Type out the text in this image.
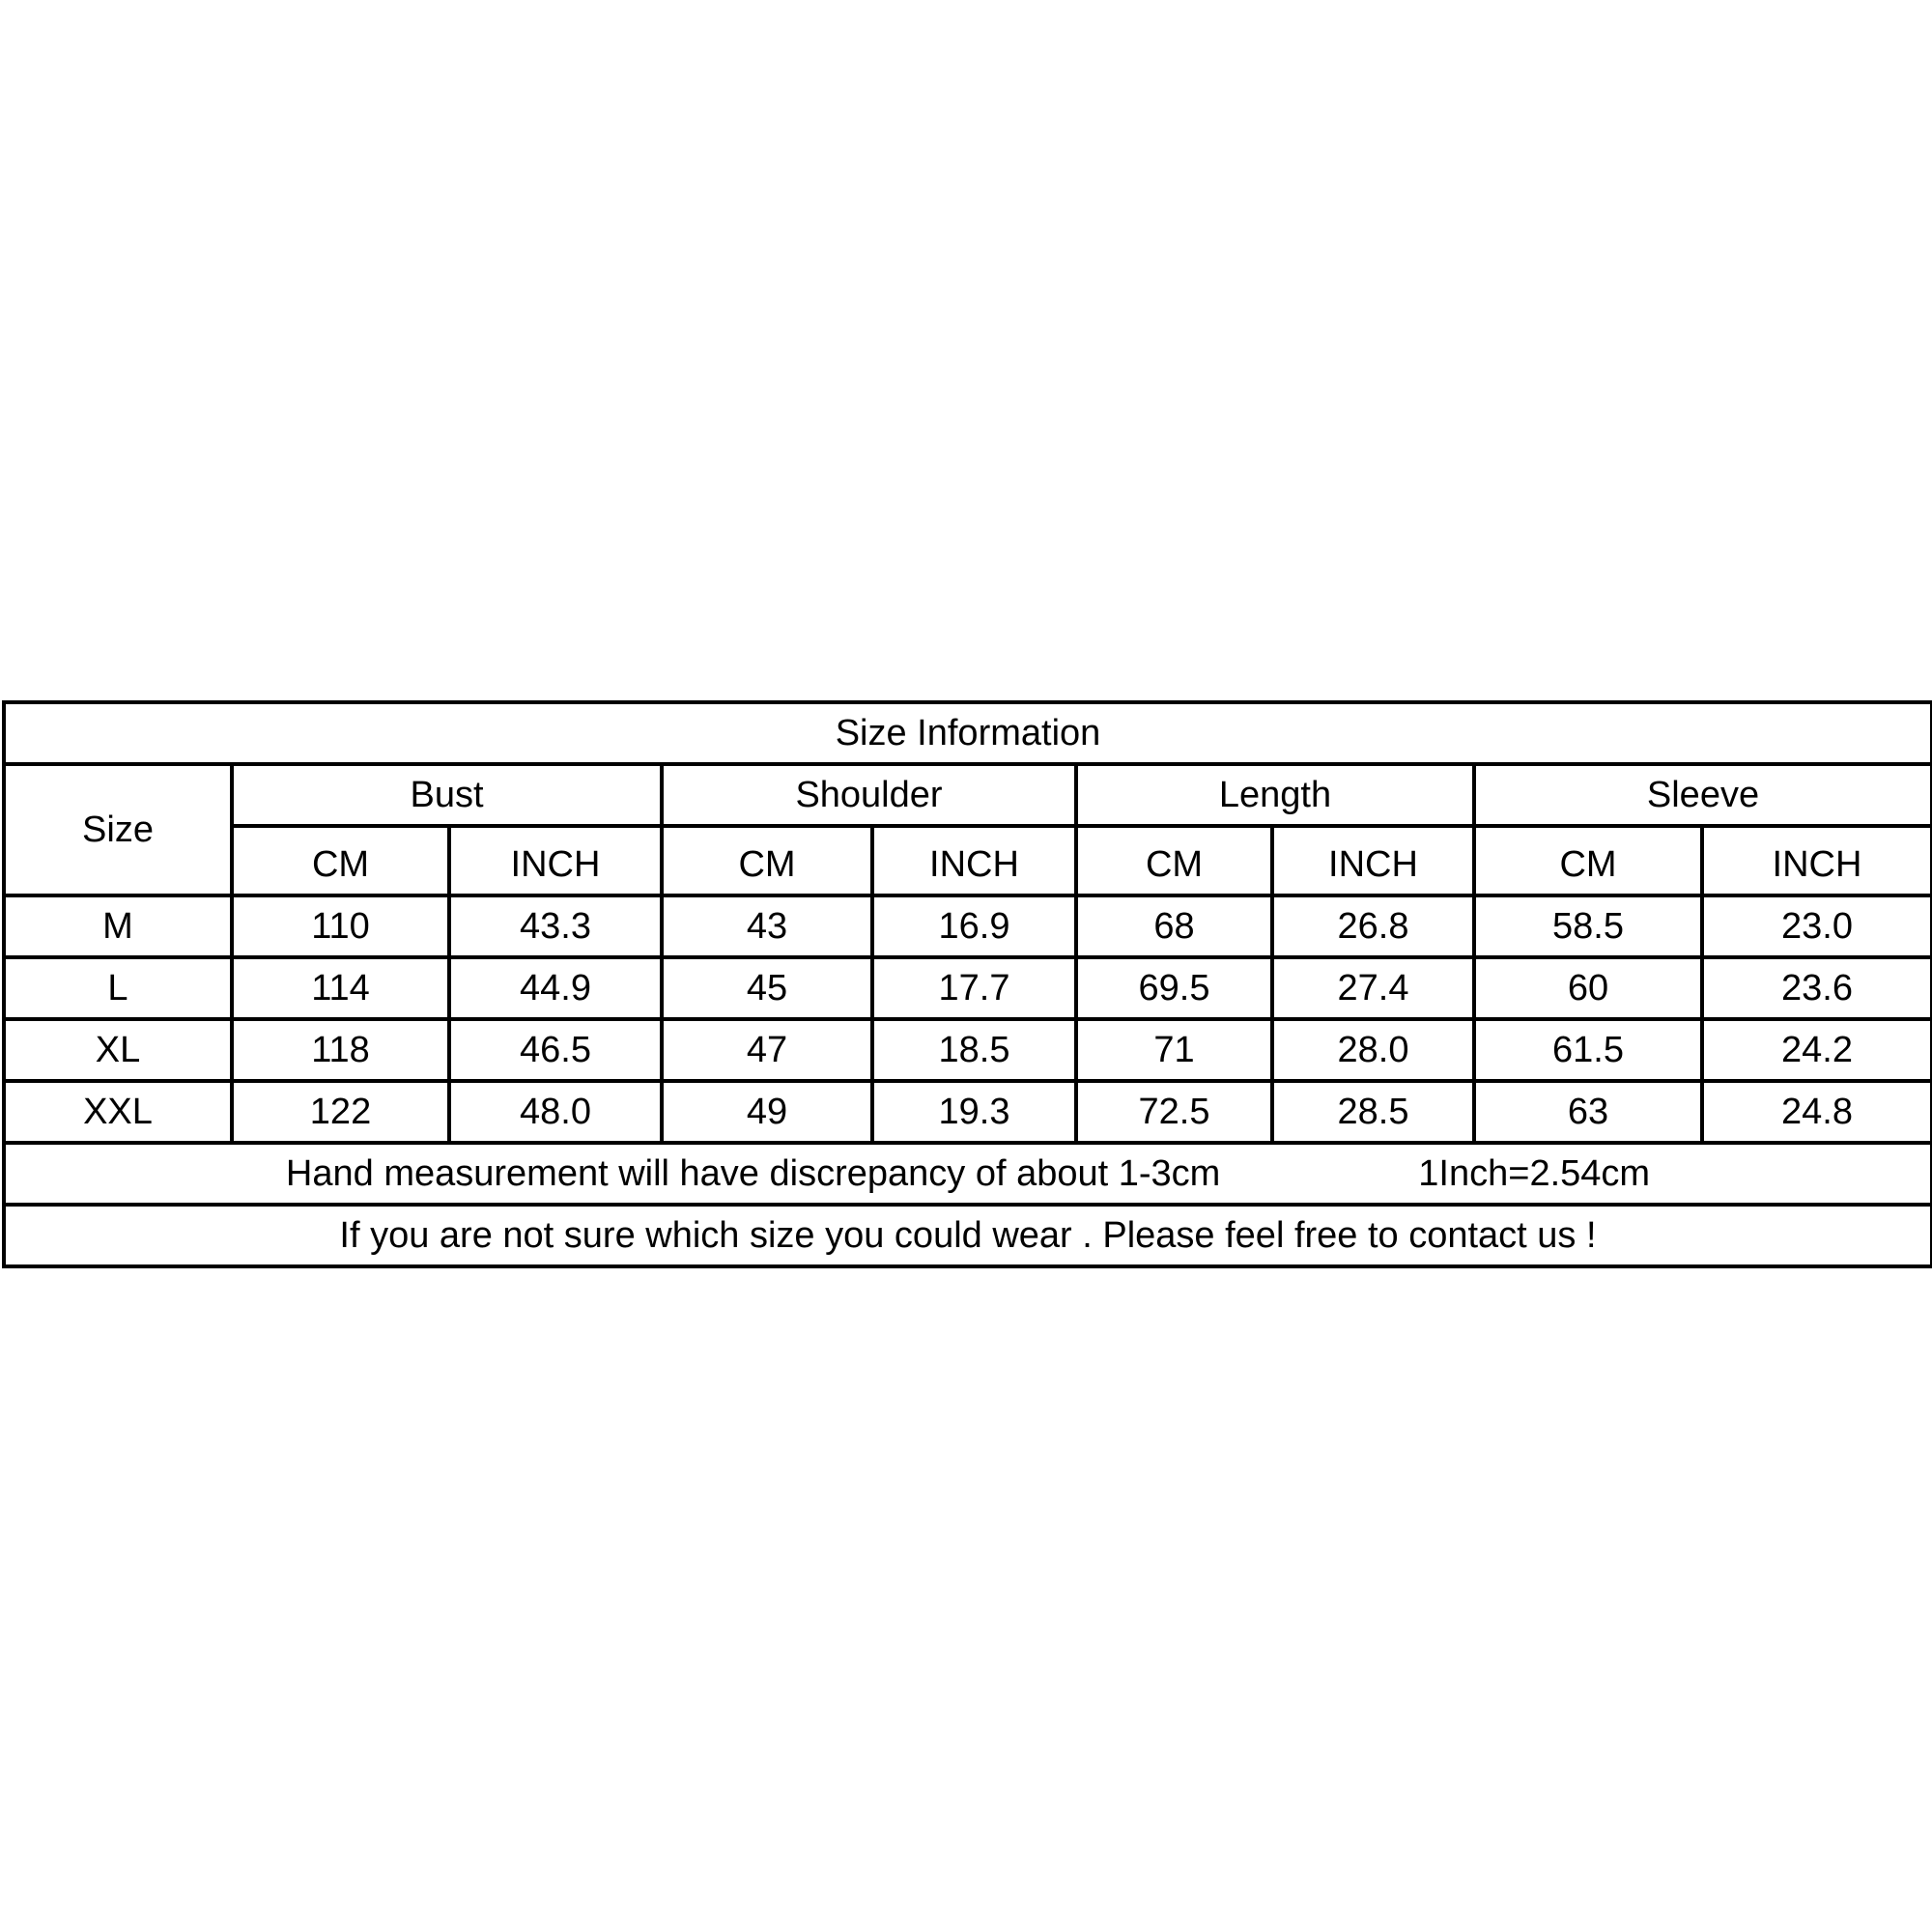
Size Information								
Size	Bust		Shoulder		Length		Sleeve	
	CM	INCH	CM	INCH	CM	INCH	CM	INCH
M	110	43.3	43	16.9	68	26.8	58.5	23.0
L	114	44.9	45	17.7	69.5	27.4	60	23.6
XL	118	46.5	47	18.5	71	28.0	61.5	24.2
XXL	122	48.0	49	19.3	72.5	28.5	63	24.8
Hand measurement will have discrepancy of about 1-3cm 1Inch=2.54cm								
If you are not sure which size you could wear . Please feel free to contact us !								
